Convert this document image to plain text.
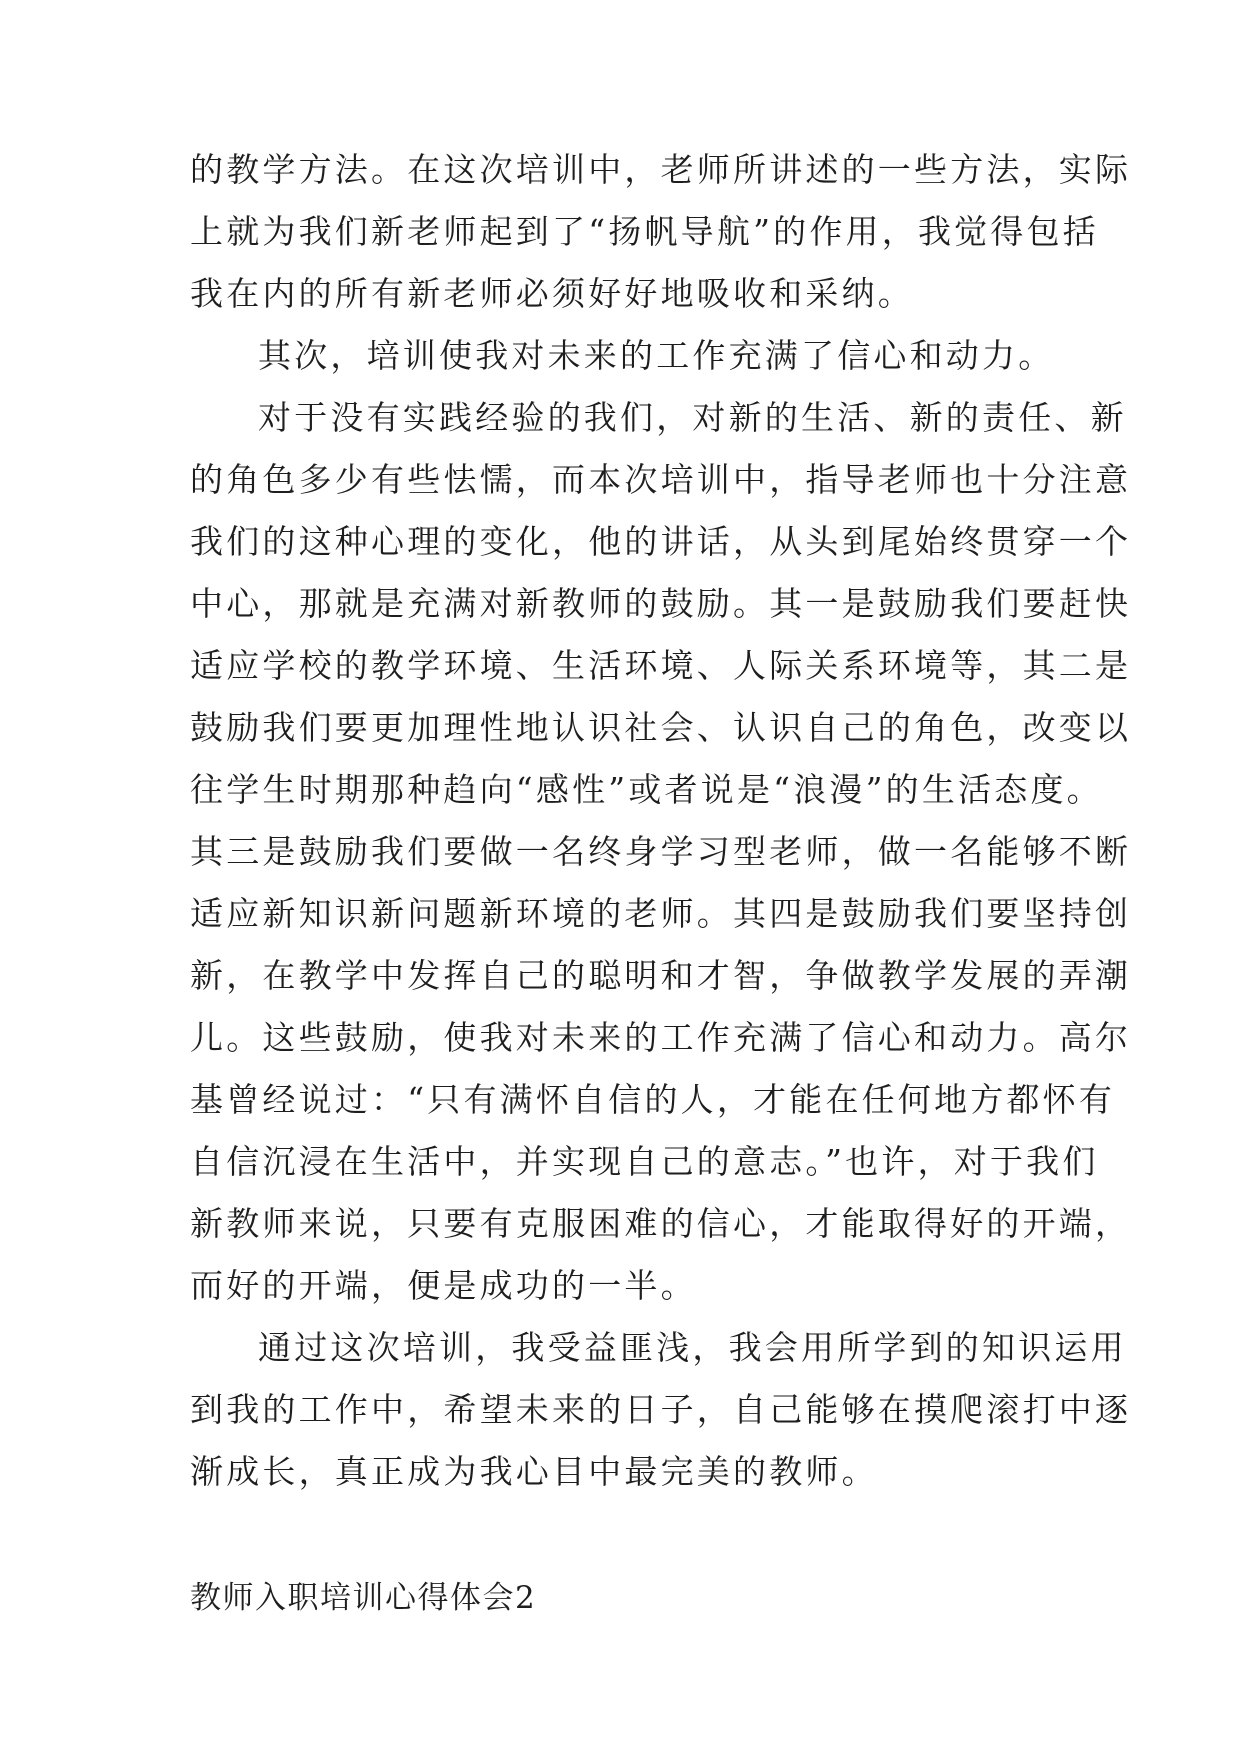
的教学方法。在这次培训中，老师所讲述的一些方法，实际
上就为我们新老师起到了“扬帆导航”的作用，我觉得包括
我在内的所有新老师必须好好地吸收和采纳。
其次，培训使我对未来的工作充满了信心和动力。
对于没有实践经验的我们，对新的生活、新的责任、新
的角色多少有些怯懦，而本次培训中，指导老师也十分注意
我们的这种心理的变化，他的讲话，从头到尾始终贯穿一个
中心，那就是充满对新教师的鼓励。其一是鼓励我们要赶快
适应学校的教学环境、生活环境、人际关系环境等，其二是
鼓励我们要更加理性地认识社会、认识自己的角色，改变以
往学生时期那种趋向“感性”或者说是“浪漫”的生活态度。
其三是鼓励我们要做一名终身学习型老师，做一名能够不断
适应新知识新问题新环境的老师。其四是鼓励我们要坚持创
新，在教学中发挥自己的聪明和才智，争做教学发展的弄潮
儿。这些鼓励，使我对未来的工作充满了信心和动力。高尔
基曾经说过：“只有满怀自信的人，才能在任何地方都怀有
自信沉浸在生活中，并实现自己的意志。”也许，对于我们
新教师来说，只要有克服困难的信心，才能取得好的开端，
而好的开端，便是成功的一半。
通过这次培训，我受益匪浅，我会用所学到的知识运用
到我的工作中，希望未来的日子，自己能够在摸爬滚打中逐
渐成长，真正成为我心目中最完美的教师。
教师入职培训心得体会2
